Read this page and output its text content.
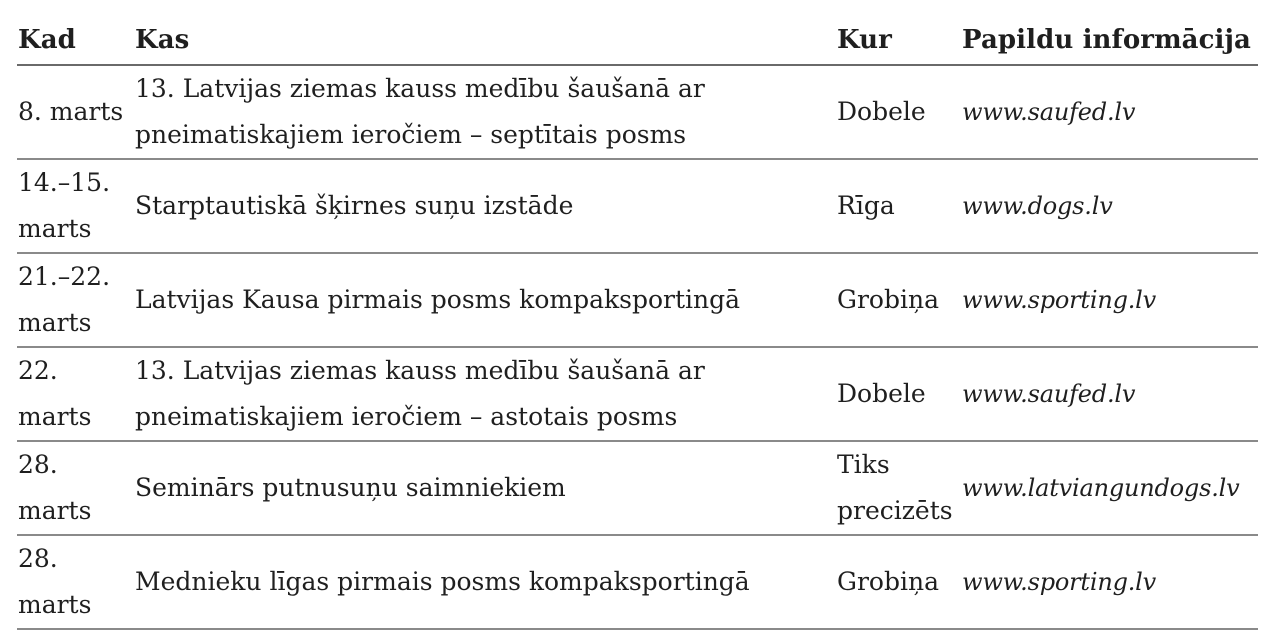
Kad	Kas	Kur	Papildu informācija
8. marts	13. Latvijas ziemas kauss medību šaušanā ar pneimatiskajiem ieročiem – septītais posms	Dobele	www.saufed.lv
14.–15. marts	Starptautiskā šķirnes suņu izstāde	Rīga	www.dogs.lv
21.–22. marts	Latvijas Kausa pirmais posms kompaksportingā	Grobiņa	www.sporting.lv
22. marts	13. Latvijas ziemas kauss medību šaušanā ar pneimatiskajiem ieročiem – astotais posms	Dobele	www.saufed.lv
28. marts	Seminārs putnusuņu saimniekiem	Tiks precizēts	www.latviangundogs.lv
28. marts	Mednieku līgas pirmais posms kompaksportingā	Grobiņa	www.sporting.lv
